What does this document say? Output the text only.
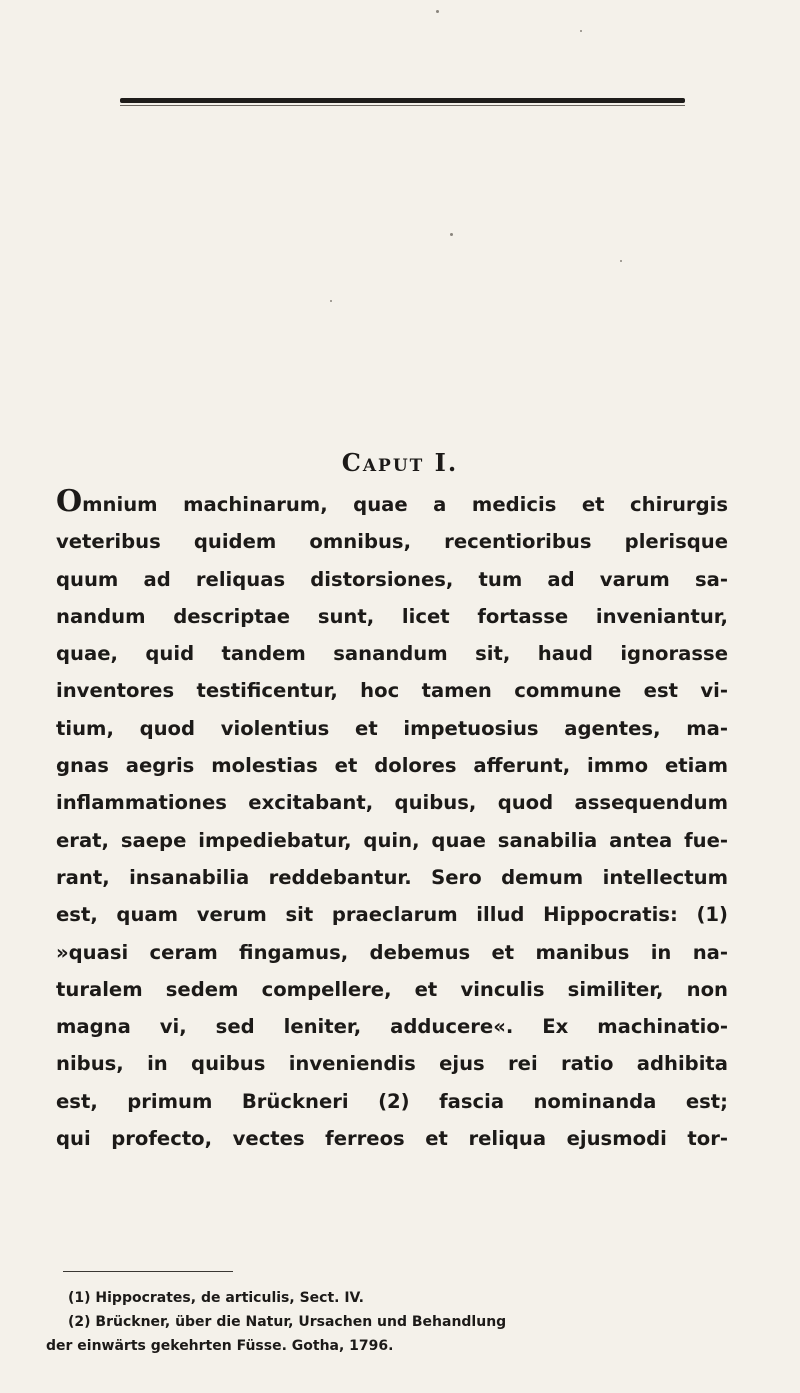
Caput I.
Omnium machinarum, quae a medicis et chirurgis
veteribus quidem omnibus, recentioribus plerisque
quum ad reliquas distorsiones, tum ad varum sa-
nandum descriptae sunt, licet fortasse inveniantur,
quae, quid tandem sanandum sit, haud ignorasse
inventores testificentur, hoc tamen commune est vi-
tium, quod violentius et impetuosius agentes, ma-
gnas aegris molestias et dolores afferunt, immo etiam
inflammationes excitabant, quibus, quod assequendum
erat, saepe impediebatur, quin, quae sanabilia antea fue-
rant, insanabilia reddebantur. Sero demum intellectum
est, quam verum sit praeclarum illud Hippocratis: (1)
»quasi ceram fingamus, debemus et manibus in na-
turalem sedem compellere, et vinculis similiter, non
magna vi, sed leniter, adducere«. Ex machinatio-
nibus, in quibus inveniendis ejus rei ratio adhibita
est, primum Brückneri (2) fascia nominanda est;
qui profecto, vectes ferreos et reliqua ejusmodi tor-
(1) Hippocrates, de articulis, Sect. IV.
(2) Brückner, über die Natur, Ursachen und Behandlung
der einwärts gekehrten Füsse. Gotha, 1796.
